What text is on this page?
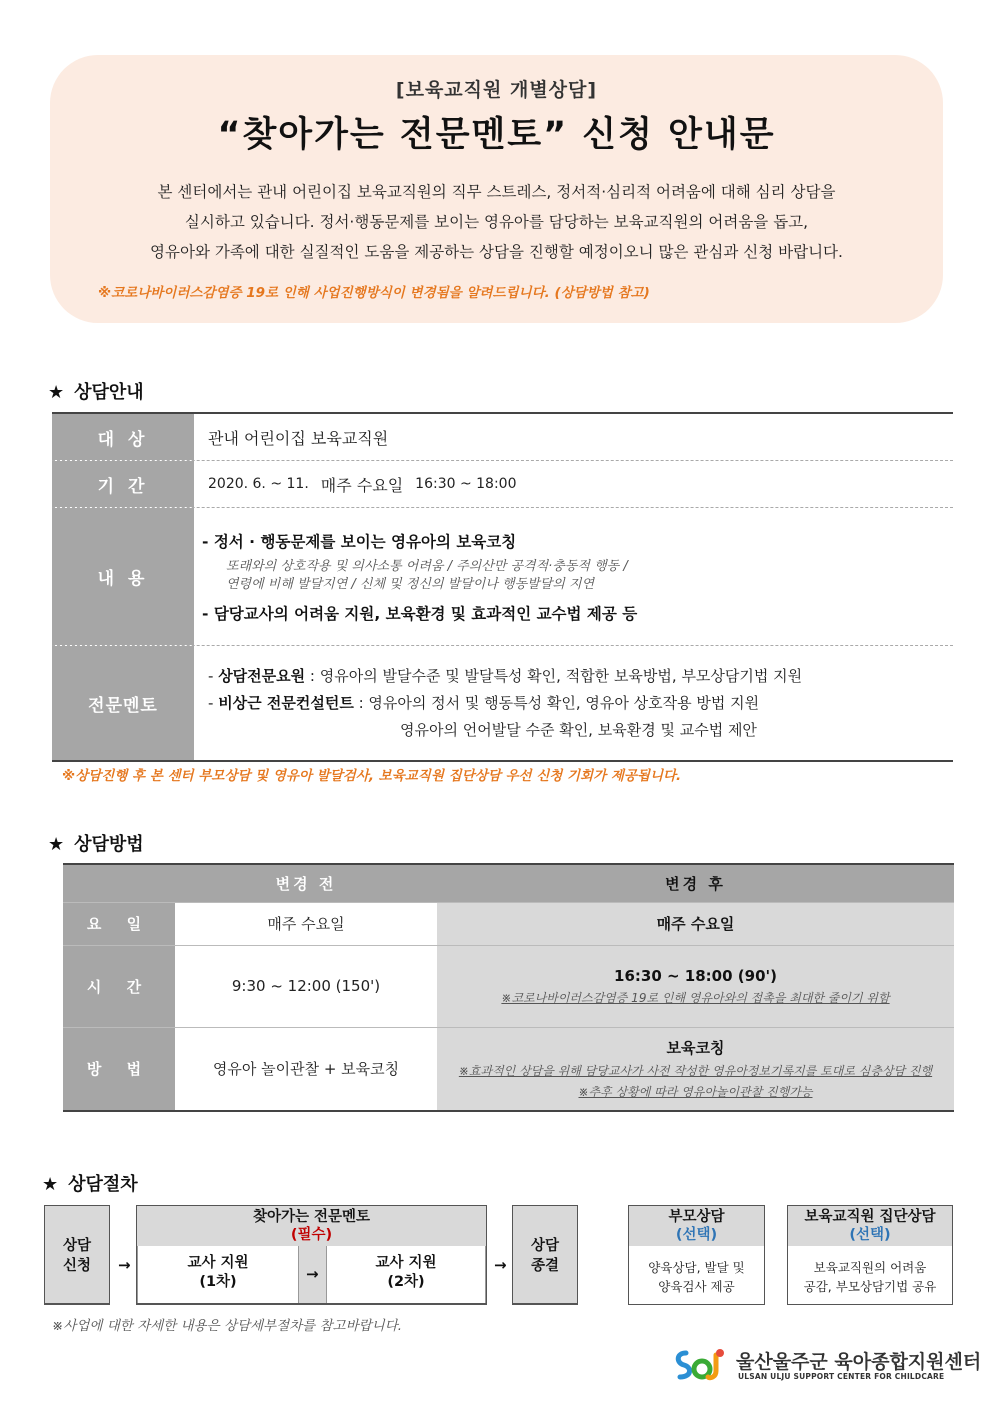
[보육교직원 개별상담]
“찾아가는 전문멘토” 신청 안내문
본 센터에서는 관내 어린이집 보육교직원의 직무 스트레스, 정서적·심리적 어려움에 대해 심리 상담을
실시하고 있습니다. 정서·행동문제를 보이는 영유아를 담당하는 보육교직원의 어려움을 돕고,
영유아와 가족에 대한 실질적인 도움을 제공하는 상담을 진행할 예정이오니 많은 관심과 신청 바랍니다.
※코로나바이러스감염증 19로 인해 사업진행방식이 변경됨을 알려드립니다. (상담방법 참고)
★ 상담안내
대 상	관내 어린이집 보육교직원
기 간	2020. 6. ~ 11. 매주 수요일 16:30 ~ 18:00
내 용
- 정서 · 행동문제를 보이는 영유아의 보육코칭
또래와의 상호작용 및 의사소통 어려움 / 주의산만 공격적·충동적 행동 /
연령에 비해 발달지연 / 신체 및 정신의 발달이나 행동발달의 지연
- 담당교사의 어려움 지원, 보육환경 및 효과적인 교수법 제공 등
전문멘토
- 상담전문요원 : 영유아의 발달수준 및 발달특성 확인, 적합한 보육방법, 부모상담기법 지원
- 비상근 전문컨설턴트 : 영유아의 정서 및 행동특성 확인, 영유아 상호작용 방법 지원
영유아의 언어발달 수준 확인, 보육환경 및 교수법 제안
※상담진행 후 본 센터 부모상담 및 영유아 발달검사, 보육교직원 집단상담 우선 신청 기회가 제공됩니다.
★ 상담방법
	변경 전	변경 후
요 일	매주 수요일	매주 수요일
시 간	9:30 ~ 12:00 (150')	16:30 ~ 18:00 (90')
※코로나바이러스감염증 19로 인해 영유아와의 접촉을 최대한 줄이기 위함

방 법	영유아 놀이관찰 + 보육코칭	보육코칭
※효과적인 상담을 위해 담당교사가 사전 작성한 영유아정보기록지를 토대로 심층상담 진행
※추후 상황에 따라 영유아놀이관찰 진행가능
★ 상담절차
상담
신청	→
찾아가는 전문멘토
(필수)
교사 지원
(1차)	→
교사 지원
(2차)
→
상담
종결
부모상담
(선택)
양육상담, 발달 및
양육검사 제공
보육교직원 집단상담
(선택)
보육교직원의 어려움
공감, 부모상담기법 공유
※사업에 대한 자세한 내용은 상담세부절차를 참고바랍니다.
울산울주군 육아종합지원센터
ULSAN ULJU SUPPORT CENTER FOR CHILDCARE
